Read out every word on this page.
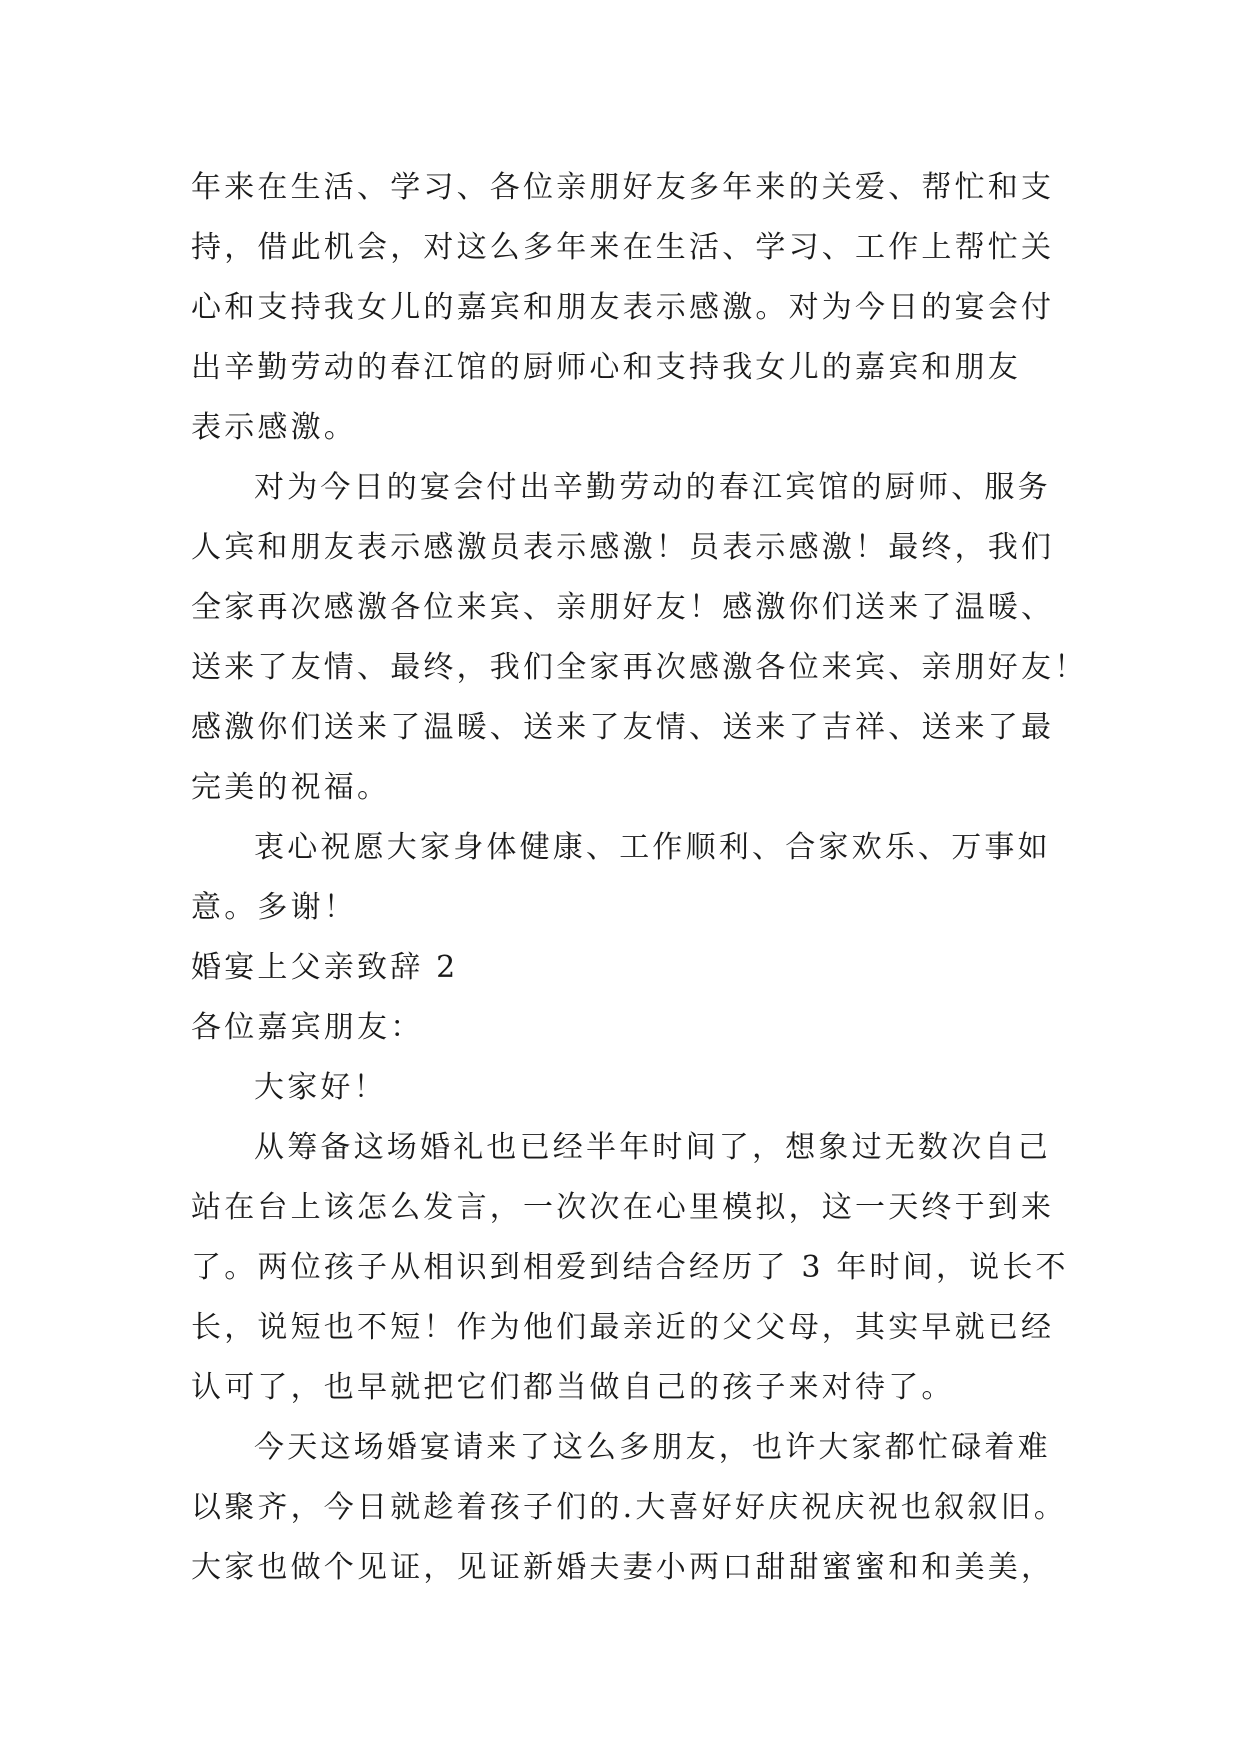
年来在生活、学习、各位亲朋好友多年来的关爱、帮忙和支
持，借此机会，对这么多年来在生活、学习、工作上帮忙关
心和支持我女儿的嘉宾和朋友表示感激。对为今日的宴会付
出辛勤劳动的春江馆的厨师心和支持我女儿的嘉宾和朋友
表示感激。
对为今日的宴会付出辛勤劳动的春江宾馆的厨师、服务
人宾和朋友表示感激员表示感激！员表示感激！最终，我们
全家再次感激各位来宾、亲朋好友！感激你们送来了温暖、
送来了友情、最终，我们全家再次感激各位来宾、亲朋好友！
感激你们送来了温暖、送来了友情、送来了吉祥、送来了最
完美的祝福。
衷心祝愿大家身体健康、工作顺利、合家欢乐、万事如
意。多谢！
婚宴上父亲致辞 2
各位嘉宾朋友：
大家好！
从筹备这场婚礼也已经半年时间了，想象过无数次自己
站在台上该怎么发言，一次次在心里模拟，这一天终于到来
了。两位孩子从相识到相爱到结合经历了 3 年时间，说长不
长，说短也不短！作为他们最亲近的父父母，其实早就已经
认可了，也早就把它们都当做自己的孩子来对待了。
今天这场婚宴请来了这么多朋友，也许大家都忙碌着难
以聚齐，今日就趁着孩子们的.大喜好好庆祝庆祝也叙叙旧。
大家也做个见证，见证新婚夫妻小两口甜甜蜜蜜和和美美，
